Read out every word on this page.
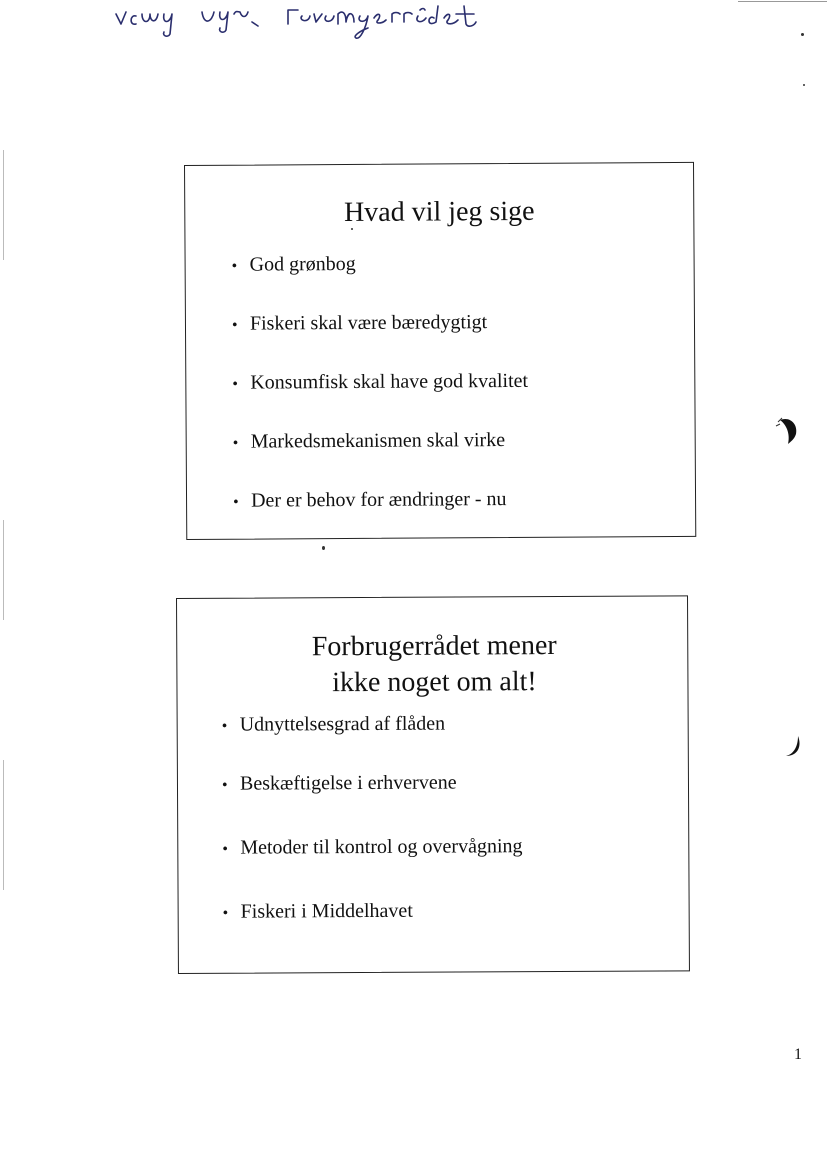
Hvad vil jeg sige
• God grønbog
• Fiskeri skal være bæredygtigt
• Konsumfisk skal have god kvalitet
• Markedsmekanismen skal virke
• Der er behov for ændringer - nu
Forbrugerrådet mener
ikke noget om alt!
• Udnyttelsesgrad af flåden
• Beskæftigelse i erhvervene
• Metoder til kontrol og overvågning
• Fiskeri i Middelhavet
1
